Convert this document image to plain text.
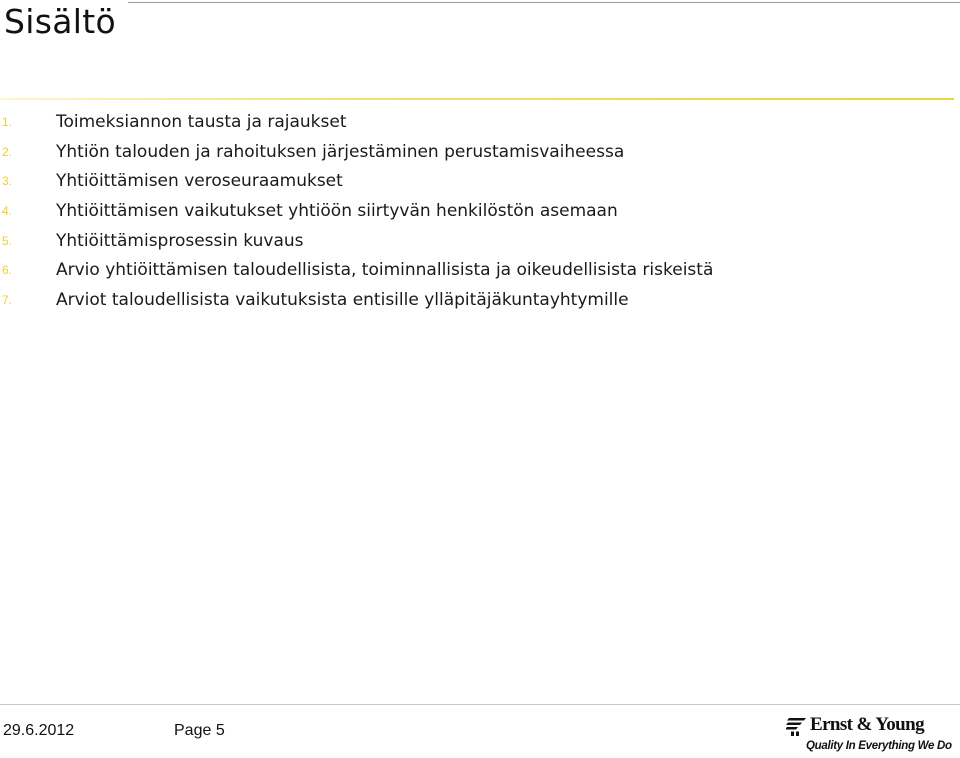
Sisältö
1.	Toimeksiannon tausta ja rajaukset
2.	Yhtiön talouden ja rahoituksen järjestäminen perustamisvaiheessa
3.	Yhtiöittämisen veroseuraamukset
4.	Yhtiöittämisen vaikutukset yhtiöön siirtyvän henkilöstön asemaan
5.	Yhtiöittämisprosessin kuvaus
6.	Arvio yhtiöittämisen taloudellisista, toiminnallisista ja oikeudellisista riskeistä
7.	Arviot taloudellisista vaikutuksista entisille ylläpitäjäkuntayhtymille
29.6.2012	Page 5	Ernst & Young
Quality In Everything We Do
